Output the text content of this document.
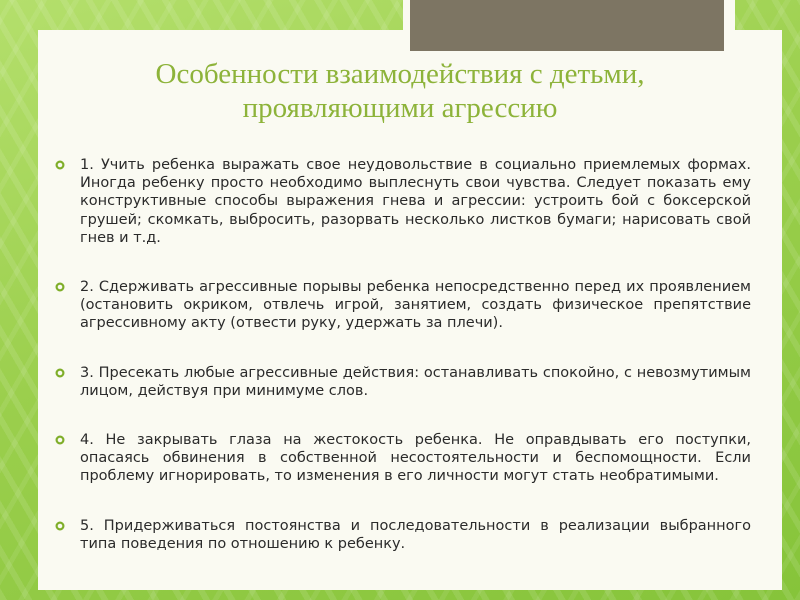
Особенности взаимодействия с детьми,
проявляющими агрессию
1. Учить ребенка выражать свое неудовольствие в социально приемлемых формах. Иногда ребенку просто необходимо выплеснуть свои чувства. Следует показать ему конструктивные способы выражения гнева и агрессии: устроить бой с боксерской грушей; скомкать, выбросить, разорвать несколько листков бумаги; нарисовать свой гнев и т.д.
2. Сдерживать агрессивные порывы ребенка непосредственно перед их проявлением (остановить окриком, отвлечь игрой, занятием, создать физическое препятствие агрессивному акту (отвести руку, удержать за плечи).
3. Пресекать любые агрессивные действия: останавливать спокойно, с невозмутимым лицом, действуя при минимуме слов.
4. Не закрывать глаза на жестокость ребенка. Не оправдывать его поступки, опасаясь обвинения в собственной несостоятельности и беспомощности. Если проблему игнорировать, то изменения в его личности могут стать необратимыми.
5. Придерживаться постоянства и последовательности в реализации выбранного типа поведения по отношению к ребенку.
